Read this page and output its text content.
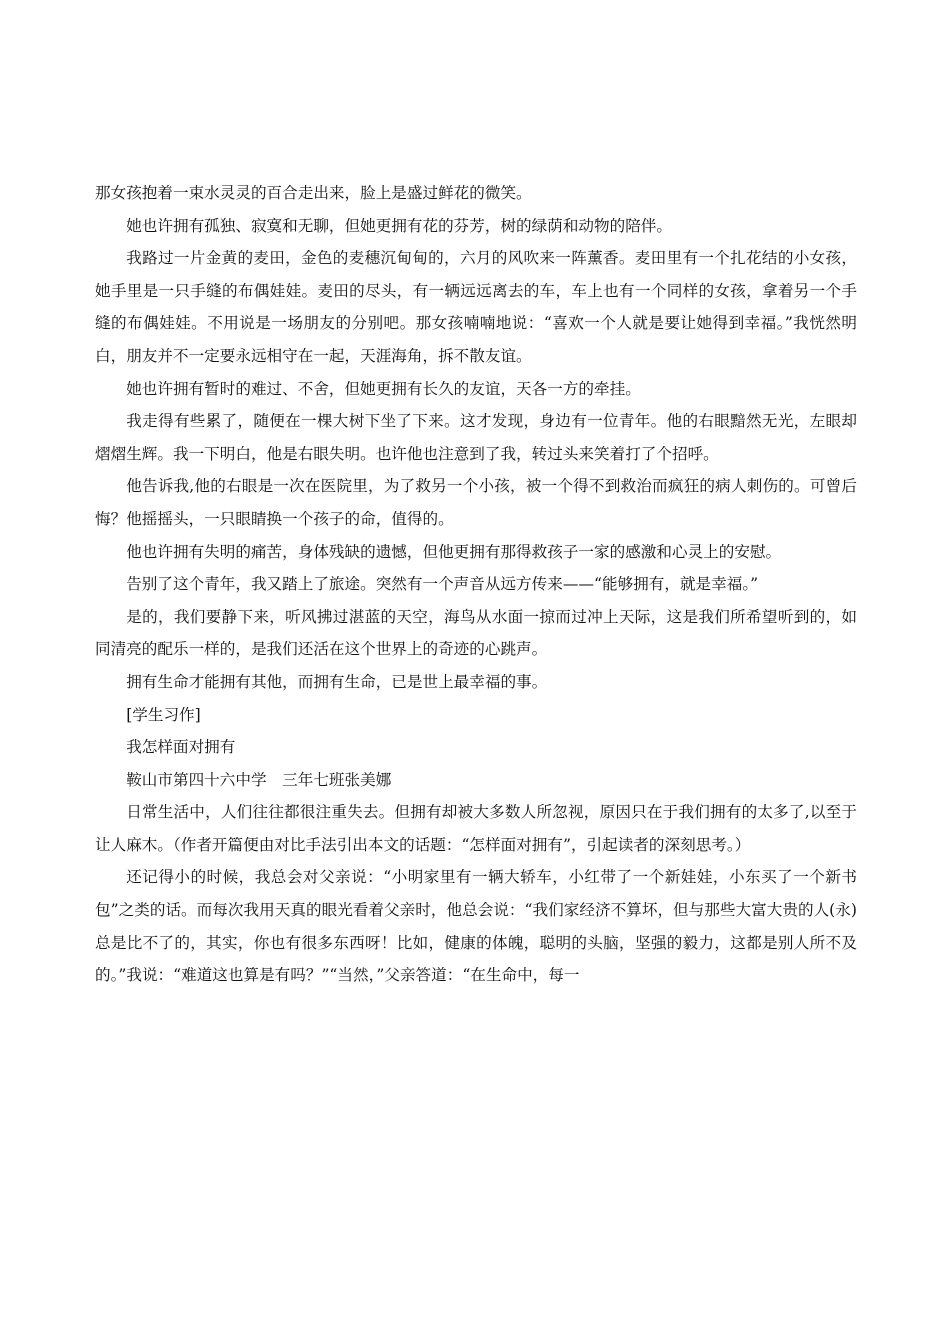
那女孩抱着一束水灵灵的百合走出来，脸上是盛过鲜花的微笑。

她也许拥有孤独、寂寞和无聊，但她更拥有花的芬芳，树的绿荫和动物的陪伴。

我路过一片金黄的麦田，金色的麦穗沉甸甸的，六月的风吹来一阵薰香。麦田里有一个扎花结的小女孩，她手里是一只手缝的布偶娃娃。麦田的尽头，有一辆远远离去的车，车上也有一个同样的女孩，拿着另一个手缝的布偶娃娃。不用说是一场朋友的分别吧。那女孩喃喃地说：“喜欢一个人就是要让她得到幸福。”我恍然明白，朋友并不一定要永远相守在一起，天涯海角，拆不散友谊。

她也许拥有暂时的难过、不舍，但她更拥有长久的友谊，天各一方的牵挂。

我走得有些累了，随便在一棵大树下坐了下来。这才发现，身边有一位青年。他的右眼黯然无光，左眼却熠熠生辉。我一下明白，他是右眼失明。也许他也注意到了我，转过头来笑着打了个招呼。

他告诉我,他的右眼是一次在医院里，为了救另一个小孩，被一个得不到救治而疯狂的病人刺伤的。可曾后悔？他摇摇头，一只眼睛换一个孩子的命，值得的。

他也许拥有失明的痛苦，身体残缺的遗憾，但他更拥有那得救孩子一家的感激和心灵上的安慰。

告别了这个青年，我又踏上了旅途。突然有一个声音从远方传来——“能够拥有，就是幸福。”

是的，我们要静下来，听风拂过湛蓝的天空，海鸟从水面一掠而过冲上天际，这是我们所希望听到的，如同清亮的配乐一样的，是我们还活在这个世界上的奇迹的心跳声。

拥有生命才能拥有其他，而拥有生命，已是世上最幸福的事。

[学生习作]

我怎样面对拥有

鞍山市第四十六中学　三年七班张美娜

日常生活中，人们往往都很注重失去。但拥有却被大多数人所忽视，原因只在于我们拥有的太多了,以至于让人麻木。（作者开篇便由对比手法引出本文的话题：“怎样面对拥有”，引起读者的深刻思考。）

还记得小的时候，我总会对父亲说：“小明家里有一辆大轿车，小红带了一个新娃娃，小东买了一个新书包”之类的话。而每次我用天真的眼光看着父亲时，他总会说：“我们家经济不算坏，但与那些大富大贵的人(永)总是比不了的，其实，你也有很多东西呀！比如，健康的体魄，聪明的头脑，坚强的毅力，这都是别人所不及的。”我说：“难道这也算是有吗？”“当然，”父亲答道：“在生命中，每一
